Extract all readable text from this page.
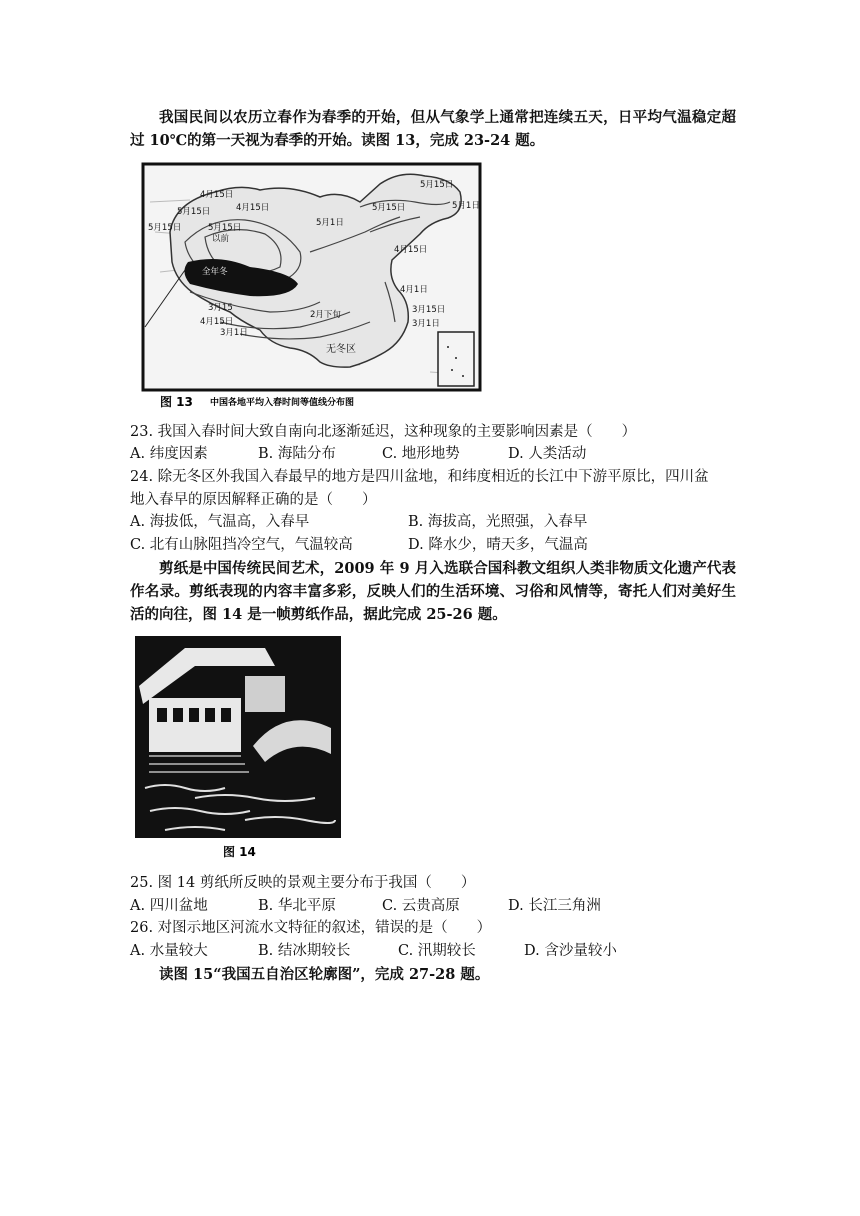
我国民间以农历立春作为春季的开始，但从气象学上通常把连续五天，日平均气温稳定超过 10℃的第一天视为春季的开始。读图 13，完成 23-24 题。
4月15日
5月15日	4月15日
5月15日	5月15日
以前
全年冬
5月15日
5月15日	5月1日
5月1日
4月15日
3月15
4月15日
4月1日
2月下旬	3月15日
3月1日
3月1日
无冬区
图 13 中国各地平均入春时间等值线分布图
23. 我国入春时间大致自南向北逐渐延迟，这种现象的主要影响因素是（　　）
A. 纬度因素	B. 海陆分布	C. 地形地势	D. 人类活动
24. 除无冬区外我国入春最早的地方是四川盆地，和纬度相近的长江中下游平原比，四川盆
地入春早的原因解释正确的是（　　）
A. 海拔低，气温高，入春早	B. 海拔高，光照强，入春早
C. 北有山脉阻挡冷空气，气温较高	D. 降水少，晴天多，气温高
剪纸是中国传统民间艺术，2009 年 9 月入选联合国科教文组织人类非物质文化遗产代表作名录。剪纸表现的内容丰富多彩，反映人们的生活环境、习俗和风情等，寄托人们对美好生活的向往，图 14 是一帧剪纸作品，据此完成 25-26 题。
图 14
25. 图 14 剪纸所反映的景观主要分布于我国（　　）
A. 四川盆地	B. 华北平原	C. 云贵高原	D. 长江三角洲
26. 对图示地区河流水文特征的叙述，错误的是（　　）
A. 水量较大	B. 结冰期较长	C. 汛期较长	D. 含沙量较小
读图 15“我国五自治区轮廓图”，完成 27-28 题。
